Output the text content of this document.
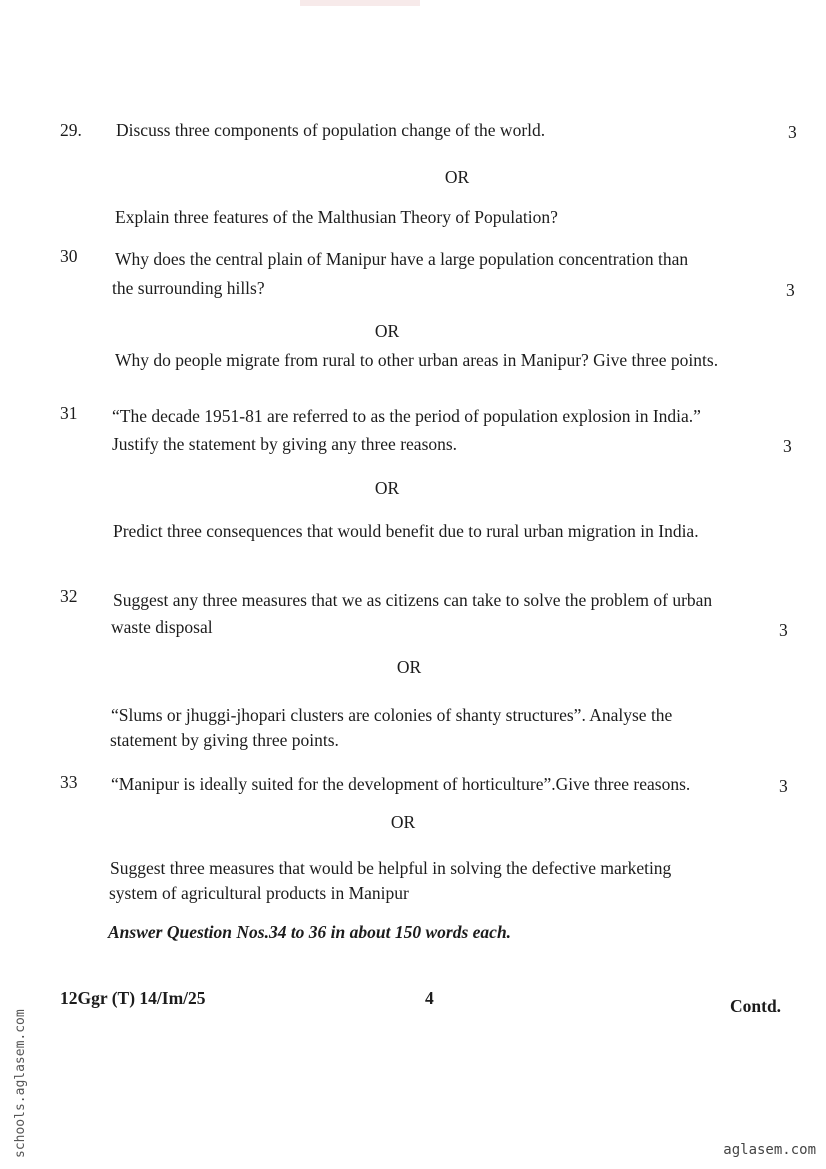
29. Discuss three components of population change of the world.	3
OR
Explain three features of the Malthusian Theory of Population?
30 Why does the central plain of Manipur have a large population concentration than
the surrounding hills?	3
OR
Why do people migrate from rural to other urban areas in Manipur? Give three points.
31 “The decade 1951-81 are referred to as the period of population explosion in India.”
Justify the statement by giving any three reasons.	3
OR
Predict three consequences that would benefit due to rural urban migration in India.
32 Suggest any three measures that we as citizens can take to solve the problem of urban
waste disposal	3
OR
“Slums or jhuggi-jhopari clusters are colonies of shanty structures”. Analyse the
statement by giving three points.
33 “Manipur is ideally suited for the development of horticulture”.Give three reasons.	3
OR
Suggest three measures that would be helpful in solving the defective marketing
system of agricultural products in Manipur
Answer Question Nos.34 to 36 in about 150 words each.
12Ggr (T) 14/Im/25	4	Contd.
schools.aglasem.com	aglasem.com
